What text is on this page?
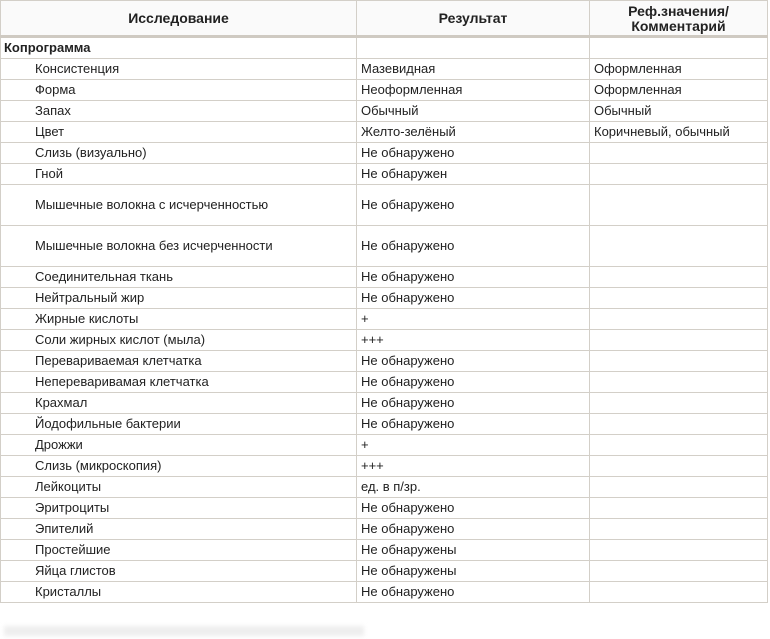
Исследование	Результат	Реф.значения/
Комментарий
Копрограмма		
Консистенция	Мазевидная	Оформленная
Форма	Неоформленная	Оформленная
Запах	Обычный	Обычный
Цвет	Желто-зелёный	Коричневый, обычный
Слизь (визуально)	Не обнаружено	
Гной	Не обнаружен	
Мышечные волокна с исчерченностью	Не обнаружено	
Мышечные волокна без исчерченности	Не обнаружено	
Соединительная ткань	Не обнаружено	
Нейтральный жир	Не обнаружено	
Жирные кислоты	+	
Соли жирных кислот (мыла)	+++	
Перевариваемая клетчатка	Не обнаружено	
Непереваривамая клетчатка	Не обнаружено	
Крахмал	Не обнаружено	
Йодофильные бактерии	Не обнаружено	
Дрожжи	+	
Слизь (микроскопия)	+++	
Лейкоциты	ед. в п/зр.	
Эритроциты	Не обнаружено	
Эпителий	Не обнаружено	
Простейшие	Не обнаружены	
Яйца глистов	Не обнаружены	
Кристаллы	Не обнаружено	
